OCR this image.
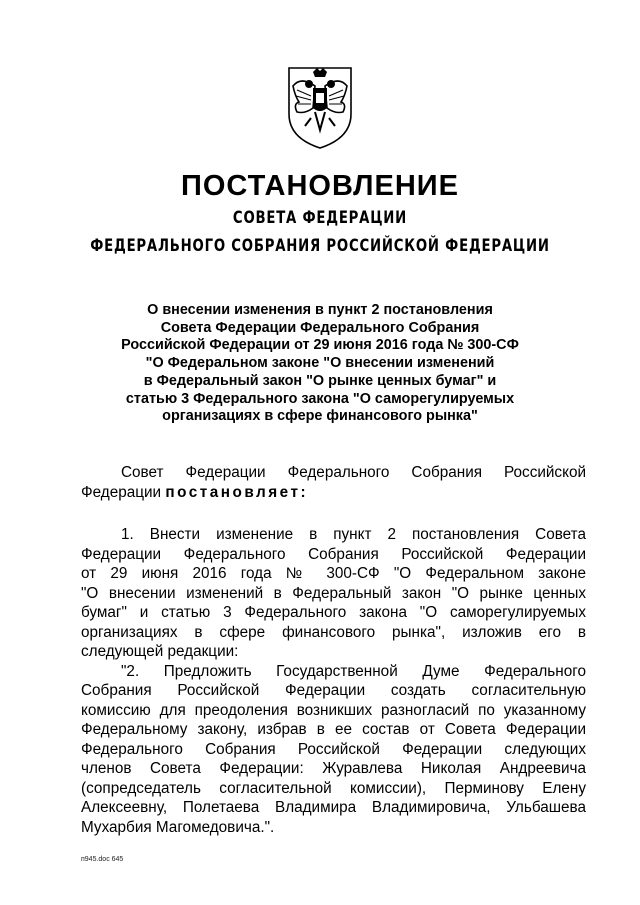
ПОСТАНОВЛЕНИЕ
СОВЕТА ФЕДЕРАЦИИ
ФЕДЕРАЛЬНОГО СОБРАНИЯ РОССИЙСКОЙ ФЕДЕРАЦИИ
О внесении изменения в пункт 2 постановления
Совета Федерации Федерального Собрания
Российской Федерации от 29 июня 2016 года № 300-СФ
"О Федеральном законе "О внесении изменений
в Федеральный закон "О рынке ценных бумаг" и
статью 3 Федерального закона "О саморегулируемых
организациях в сфере финансового рынка"
Совет Федерации Федерального Собрания Российской
Федерации постановляет:
1. Внести изменение в пункт 2 постановления Совета
Федерации Федерального Собрания Российской Федерации
от 29 июня 2016 года № 300-СФ "О Федеральном законе
"О внесении изменений в Федеральный закон "О рынке ценных
бумаг" и статью 3 Федерального закона "О саморегулируемых
организациях в сфере финансового рынка", изложив его в
следующей редакции:
"2. Предложить Государственной Думе Федерального
Собрания Российской Федерации создать согласительную
комиссию для преодоления возникших разногласий по указанному
Федеральному закону, избрав в ее состав от Совета Федерации
Федерального Собрания Российской Федерации следующих
членов Совета Федерации: Журавлева Николая Андреевича
(сопредседатель согласительной комиссии), Перминову Елену
Алексеевну, Полетаева Владимира Владимировича, Ульбашева
Мухарбия Магомедовича.".
п945.doc 645
